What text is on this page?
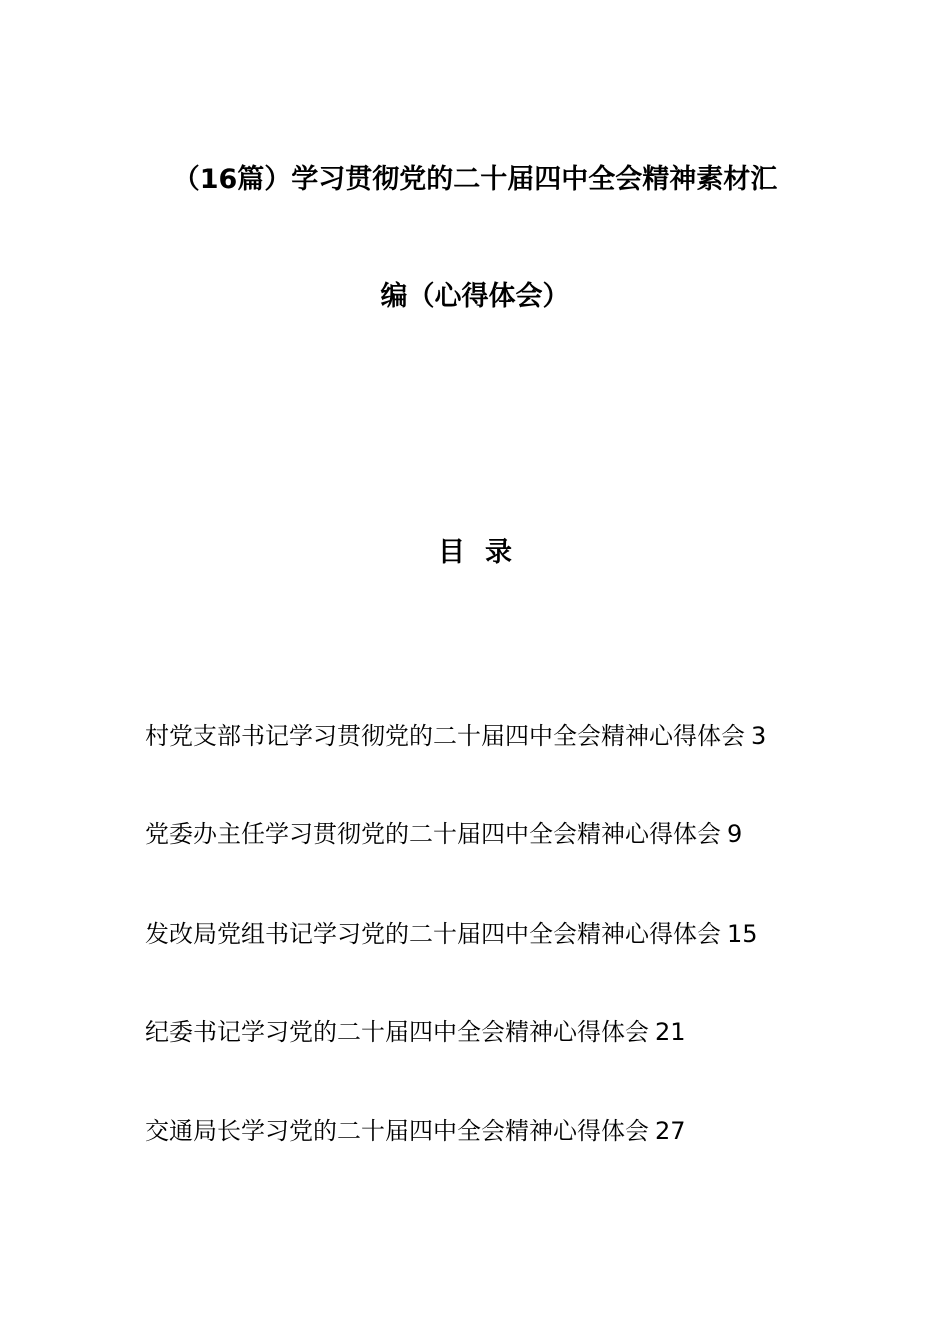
（16篇）学习贯彻党的二十届四中全会精神素材汇
编（心得体会）
目录
村党支部书记学习贯彻党的二十届四中全会精神心得体会 3
党委办主任学习贯彻党的二十届四中全会精神心得体会 9
发改局党组书记学习党的二十届四中全会精神心得体会 15
纪委书记学习党的二十届四中全会精神心得体会 21
交通局长学习党的二十届四中全会精神心得体会 27
